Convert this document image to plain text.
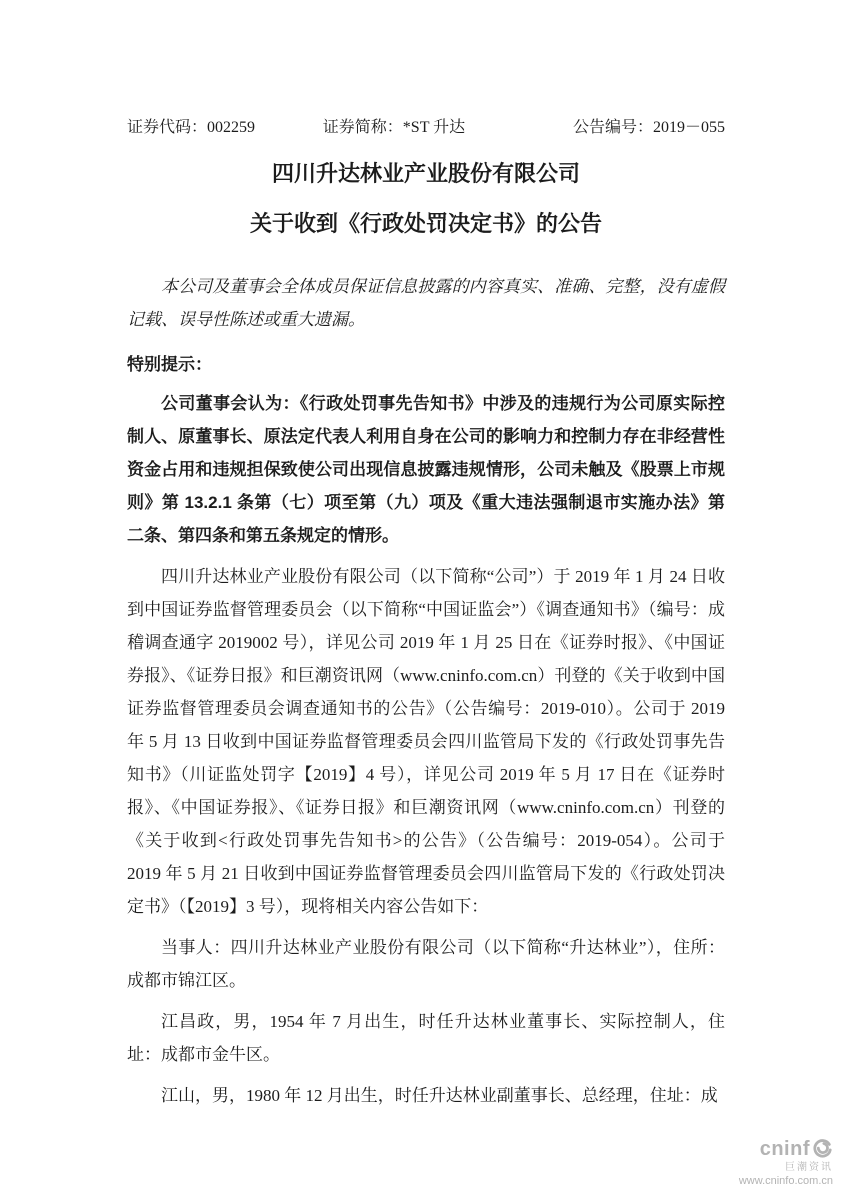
证券代码：002259	证券简称：*ST 升达	公告编号：2019－055
四川升达林业产业股份有限公司
关于收到《行政处罚决定书》的公告

本公司及董事会全体成员保证信息披露的内容真实、准确、完整，没有虚假记载、误导性陈述或重大遗漏。

特别提示：

公司董事会认为：《行政处罚事先告知书》中涉及的违规行为公司原实际控制人、原董事长、原法定代表人利用自身在公司的影响力和控制力存在非经营性资金占用和违规担保致使公司出现信息披露违规情形，公司未触及《股票上市规则》第 13.2.1 条第（七）项至第（九）项及《重大违法强制退市实施办法》第二条、第四条和第五条规定的情形。

四川升达林业产业股份有限公司（以下简称“公司”）于 2019 年 1 月 24 日收到中国证券监督管理委员会（以下简称“中国证监会”）《调查通知书》（编号：成稽调查通字 2019002 号），详见公司 2019 年 1 月 25 日在《证券时报》、《中国证券报》、《证券日报》和巨潮资讯网（www.cninfo.com.cn）刊登的《关于收到中国证券监督管理委员会调查通知书的公告》（公告编号：2019-010）。公司于 2019 年 5 月 13 日收到中国证券监督管理委员会四川监管局下发的《行政处罚事先告知书》（川证监处罚字【2019】4 号），详见公司 2019 年 5 月 17 日在《证券时报》、《中国证券报》、《证券日报》和巨潮资讯网（www.cninfo.com.cn）刊登的《关于收到<行政处罚事先告知书>的公告》（公告编号：2019-054）。公司于 2019 年 5 月 21 日收到中国证券监督管理委员会四川监管局下发的《行政处罚决定书》（【2019】3 号），现将相关内容公告如下：

当事人：四川升达林业产业股份有限公司（以下简称“升达林业”），住所：成都市锦江区。

江昌政，男，1954 年 7 月出生，时任升达林业董事长、实际控制人，住址：成都市金牛区。

江山，男，1980 年 12 月出生，时任升达林业副董事长、总经理，住址：成

cninf
巨潮资讯
www.cninfo.com.cn
